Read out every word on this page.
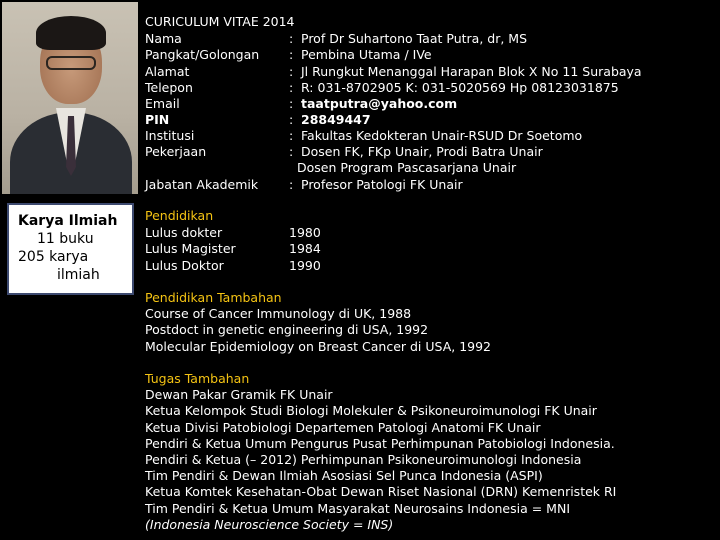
Karya Ilmiah
11 buku
205 karya
ilmiah
CURICULUM VITAE 2014
Nama	: Prof Dr Suhartono Taat Putra, dr, MS
Pangkat/Golongan : Pembina Utama / IVe
Alamat	: Jl Rungkut Menanggal Harapan Blok X No 11 Surabaya
Telepon	: R: 031-8702905 K: 031-5020569 Hp 08123031875
Email	: taatputra@yahoo.com
PIN	: 28849447
Institusi	: Fakultas Kedokteran Unair-RSUD Dr Soetomo
Pekerjaan	: Dosen FK, FKp Unair, Prodi Batra Unair
Dosen Program Pascasarjana Unair
Jabatan Akademik : Profesor Patologi FK Unair
Pendidikan
Lulus dokter	1980
Lulus Magister	1984
Lulus Doktor	1990
Pendidikan Tambahan
Course of Cancer Immunology di UK, 1988
Postdoct in genetic engineering di USA, 1992
Molecular Epidemiology on Breast Cancer di USA, 1992
Tugas Tambahan
Dewan Pakar Gramik FK Unair
Ketua Kelompok Studi Biologi Molekuler & Psikoneuroimunologi FK Unair
Ketua Divisi Patobiologi Departemen Patologi Anatomi FK Unair
Pendiri & Ketua Umum Pengurus Pusat Perhimpunan Patobiologi Indonesia.
Pendiri & Ketua (– 2012) Perhimpunan Psikoneuroimunologi Indonesia
Tim Pendiri & Dewan Ilmiah Asosiasi Sel Punca Indonesia (ASPI)
Ketua Komtek Kesehatan-Obat Dewan Riset Nasional (DRN) Kemenristek RI
Tim Pendiri & Ketua Umum Masyarakat Neurosains Indonesia = MNI
(Indonesia Neuroscience Society = INS)
